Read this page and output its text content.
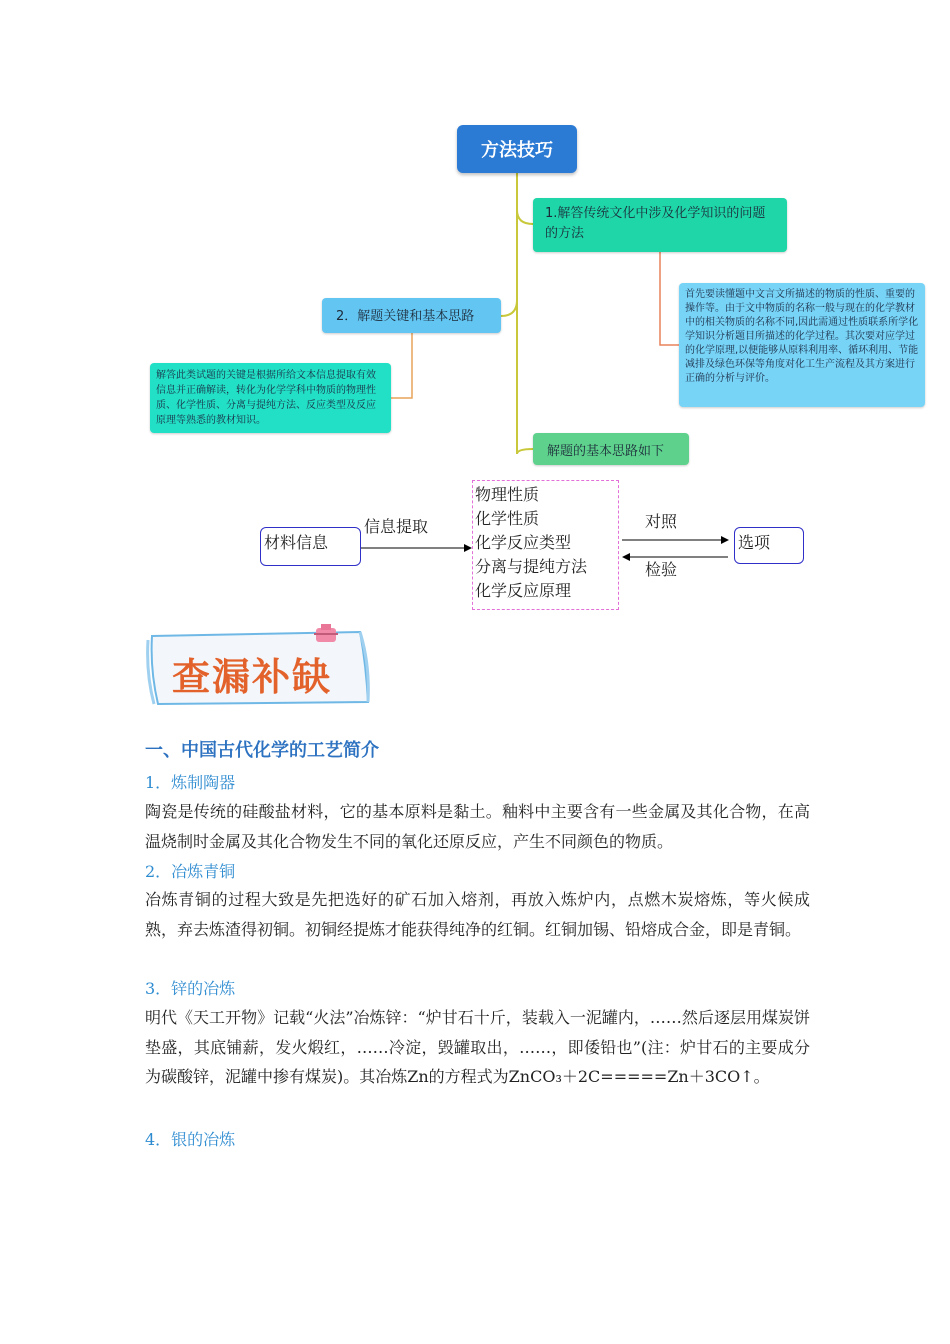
方法技巧
1.解答传统文化中涉及化学知识的问题的方法
首先要读懂题中文言文所描述的物质的性质、重要的操作等。由于文中物质的名称一般与现在的化学教材中的相关物质的名称不同,因此需通过性质联系所学化学知识分析题目所描述的化学过程。其次要对应学过的化学原理,以便能够从原料利用率、循环利用、节能减排及绿色环保等角度对化工生产流程及其方案进行正确的分析与评价。
2．解题关键和基本思路
解答此类试题的关键是根据所给文本信息提取有效信息并正确解读，转化为化学学科中物质的物理性质、化学性质、分离与提纯方法、反应类型及反应原理等熟悉的教材知识。
解题的基本思路如下
材料信息
信息提取
物理性质
化学性质
化学反应类型
分离与提纯方法
化学反应原理
对照
检验
选项
查漏补缺
一、中国古代化学的工艺简介
1．炼制陶器
陶瓷是传统的硅酸盐材料，它的基本原料是黏土。釉料中主要含有一些金属及其化合物，在高温烧制时金属及其化合物发生不同的氧化还原反应，产生不同颜色的物质。
2．冶炼青铜
冶炼青铜的过程大致是先把选好的矿石加入熔剂，再放入炼炉内，点燃木炭熔炼，等火候成熟，弃去炼渣得初铜。初铜经提炼才能获得纯净的红铜。红铜加锡、铅熔成合金，即是青铜。
3．锌的冶炼
明代《天工开物》记载“火法”冶炼锌：“炉甘石十斤，装载入一泥罐内，……然后逐层用煤炭饼垫盛，其底铺薪，发火煅红，……冷淀，毁罐取出，……，即倭铅也”(注：炉甘石的主要成分为碳酸锌，泥罐中掺有煤炭)。其冶炼Zn的方程式为ZnCO₃＋2C=====Zn＋3CO↑。
4．银的冶炼
